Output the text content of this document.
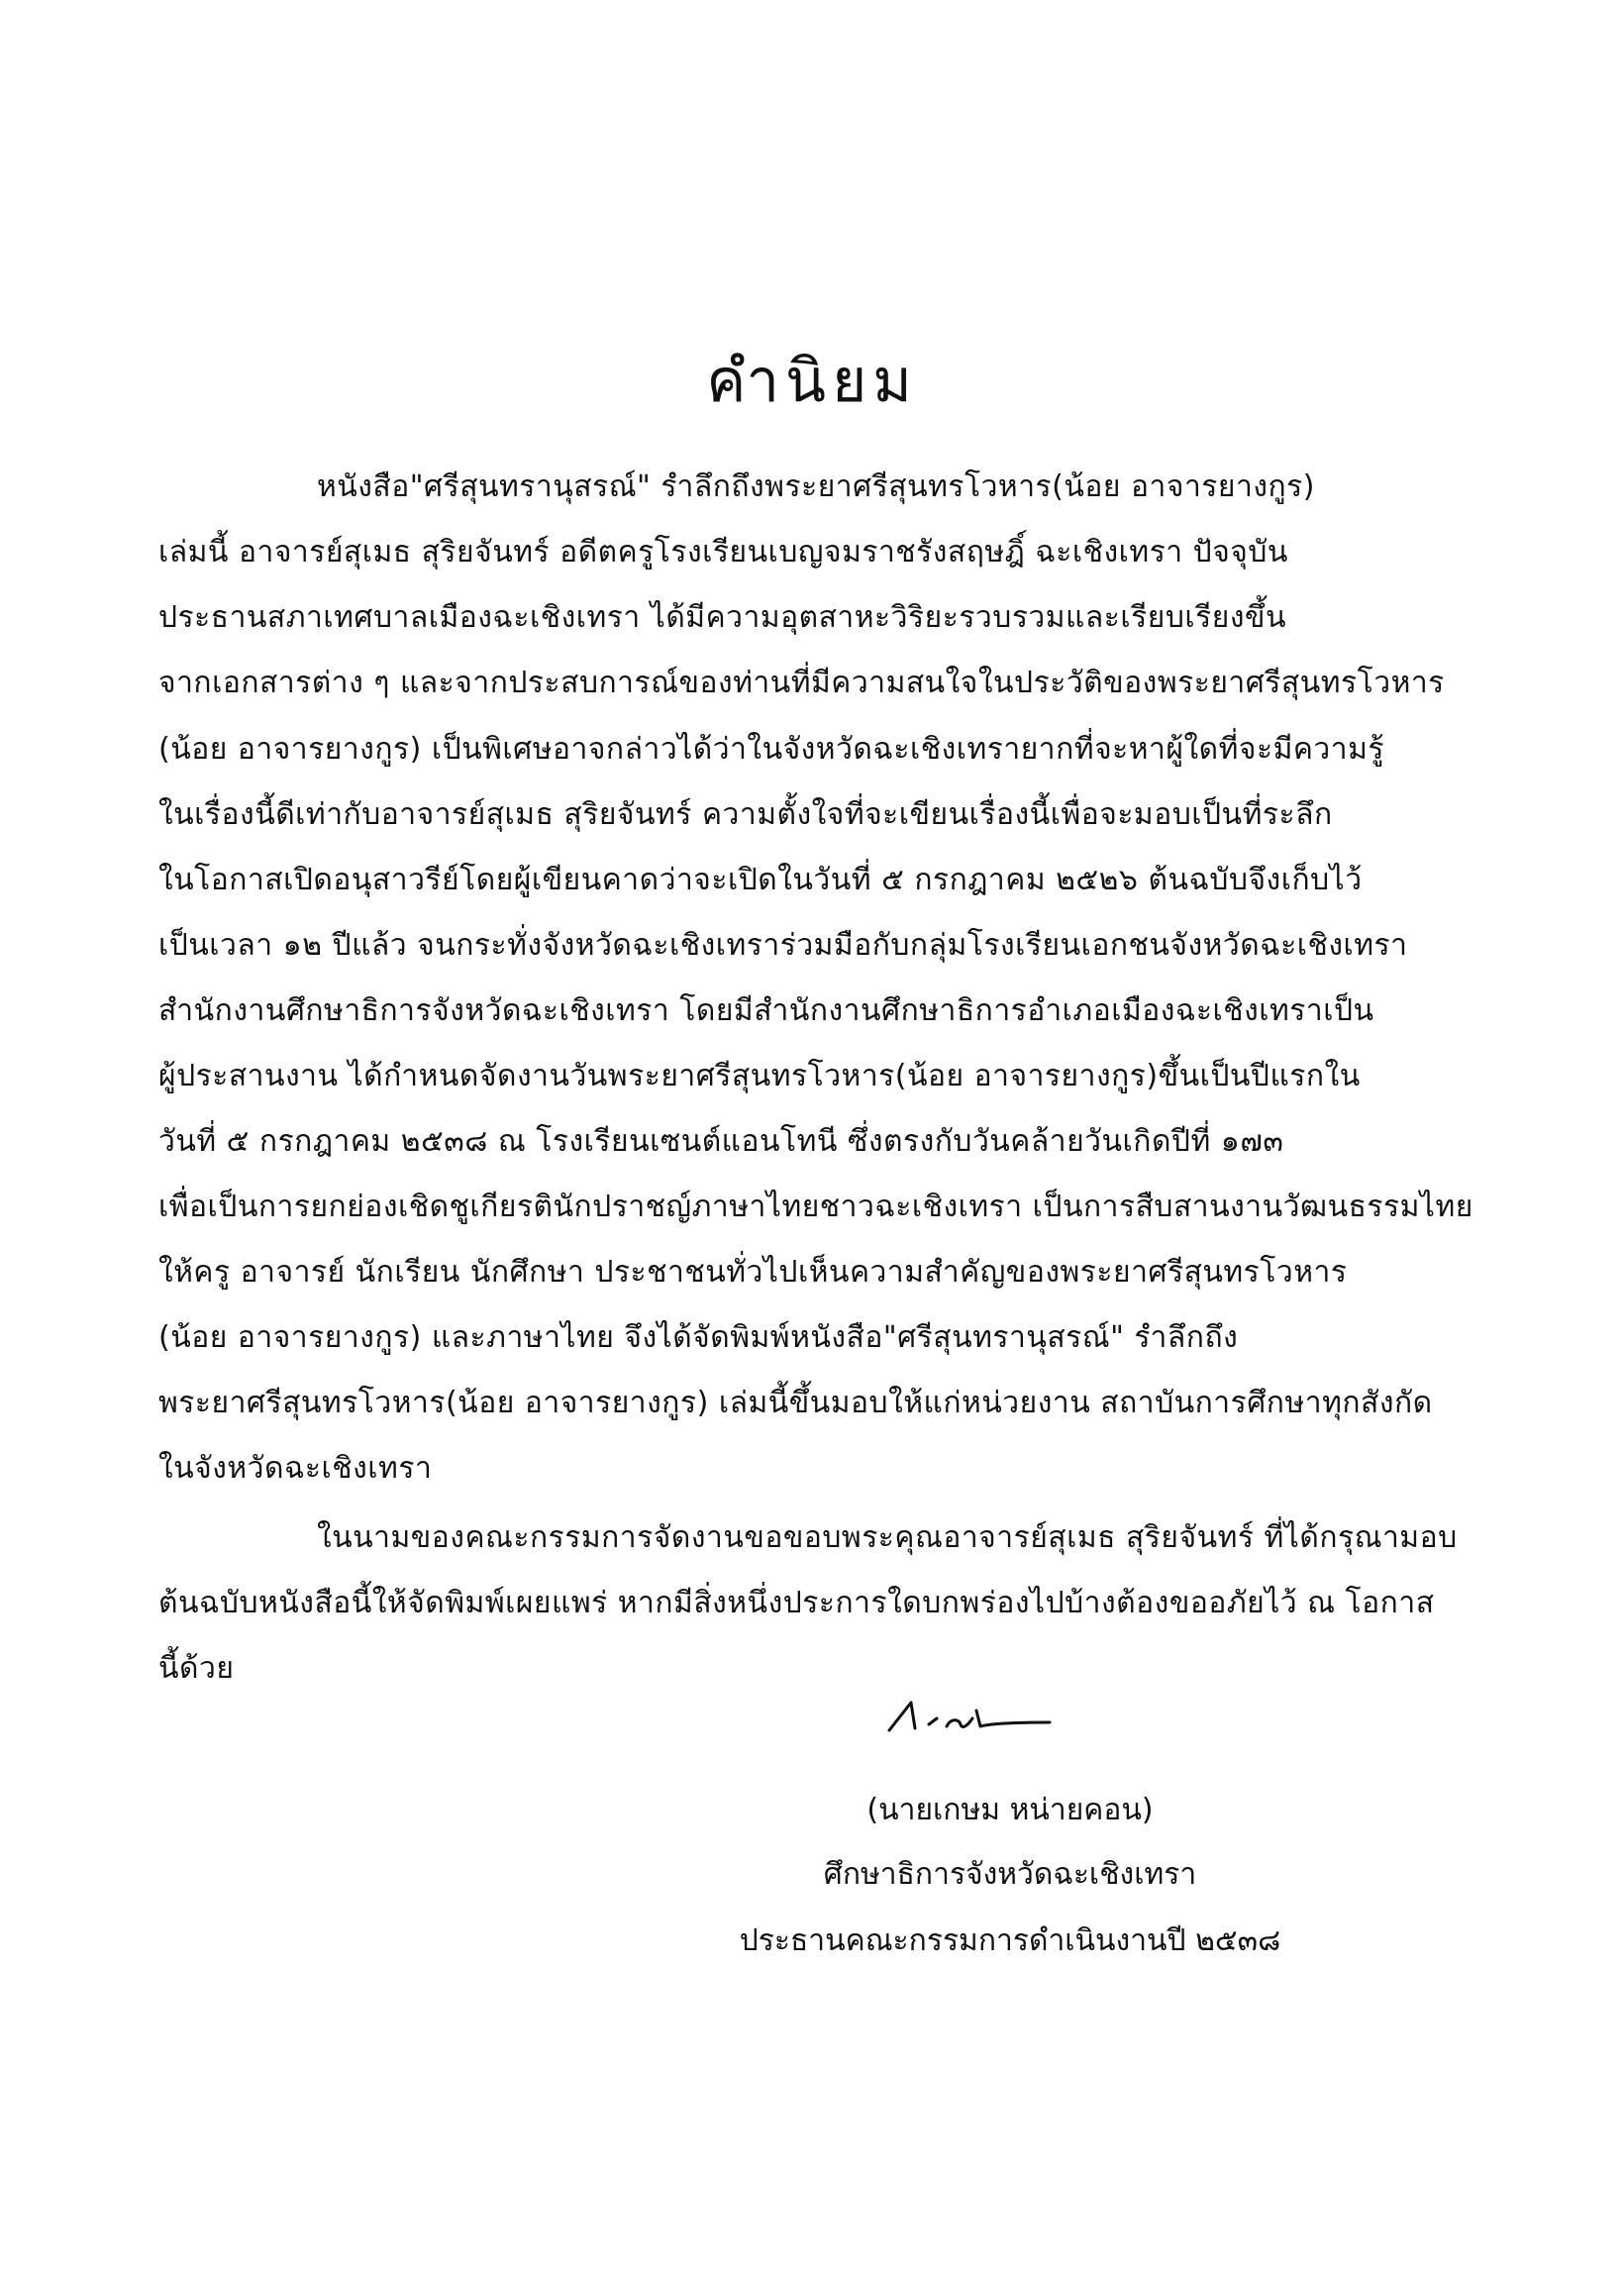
คำนิยม
หนังสือ"ศรีสุนทรานุสรณ์" รำลึกถึงพระยาศรีสุนทรโวหาร(น้อย อาจารยางกูร)
เล่มนี้ อาจารย์สุเมธ สุริยจันทร์ อดีตครูโรงเรียนเบญจมราชรังสฤษฎิ์ ฉะเชิงเทรา ปัจจุบัน
ประธานสภาเทศบาลเมืองฉะเชิงเทรา ได้มีความอุตสาหะวิริยะรวบรวมและเรียบเรียงขึ้น
จากเอกสารต่าง ๆ และจากประสบการณ์ของท่านที่มีความสนใจในประวัติของพระยาศรีสุนทรโวหาร
(น้อย อาจารยางกูร) เป็นพิเศษอาจกล่าวได้ว่าในจังหวัดฉะเชิงเทรายากที่จะหาผู้ใดที่จะมีความรู้
ในเรื่องนี้ดีเท่ากับอาจารย์สุเมธ สุริยจันทร์ ความตั้งใจที่จะเขียนเรื่องนี้เพื่อจะมอบเป็นที่ระลึก
ในโอกาสเปิดอนุสาวรีย์โดยผู้เขียนคาดว่าจะเปิดในวันที่ ๕ กรกฎาคม ๒๕๒๖ ต้นฉบับจึงเก็บไว้
เป็นเวลา ๑๒ ปีแล้ว จนกระทั่งจังหวัดฉะเชิงเทราร่วมมือกับกลุ่มโรงเรียนเอกชนจังหวัดฉะเชิงเทรา
สำนักงานศึกษาธิการจังหวัดฉะเชิงเทรา โดยมีสำนักงานศึกษาธิการอำเภอเมืองฉะเชิงเทราเป็น
ผู้ประสานงาน ได้กำหนดจัดงานวันพระยาศรีสุนทรโวหาร(น้อย อาจารยางกูร)ขึ้นเป็นปีแรกใน
วันที่ ๕ กรกฎาคม ๒๕๓๘ ณ โรงเรียนเซนต์แอนโทนี ซึ่งตรงกับวันคล้ายวันเกิดปีที่ ๑๗๓
เพื่อเป็นการยกย่องเชิดชูเกียรตินักปราชญ์ภาษาไทยชาวฉะเชิงเทรา เป็นการสืบสานงานวัฒนธรรมไทย
ให้ครู อาจารย์ นักเรียน นักศึกษา ประชาชนทั่วไปเห็นความสำคัญของพระยาศรีสุนทรโวหาร
(น้อย อาจารยางกูร) และภาษาไทย จึงได้จัดพิมพ์หนังสือ"ศรีสุนทรานุสรณ์" รำลึกถึง
พระยาศรีสุนทรโวหาร(น้อย อาจารยางกูร) เล่มนี้ขึ้นมอบให้แก่หน่วยงาน สถาบันการศึกษาทุกสังกัด
ในจังหวัดฉะเชิงเทรา
ในนามของคณะกรรมการจัดงานขอขอบพระคุณอาจารย์สุเมธ สุริยจันทร์ ที่ได้กรุณามอบ
ต้นฉบับหนังสือนี้ให้จัดพิมพ์เผยแพร่ หากมีสิ่งหนึ่งประการใดบกพร่องไปบ้างต้องขออภัยไว้ ณ โอกาส
นี้ด้วย
(นายเกษม หน่ายคอน)
ศึกษาธิการจังหวัดฉะเชิงเทรา
ประธานคณะกรรมการดำเนินงานปี ๒๕๓๘
